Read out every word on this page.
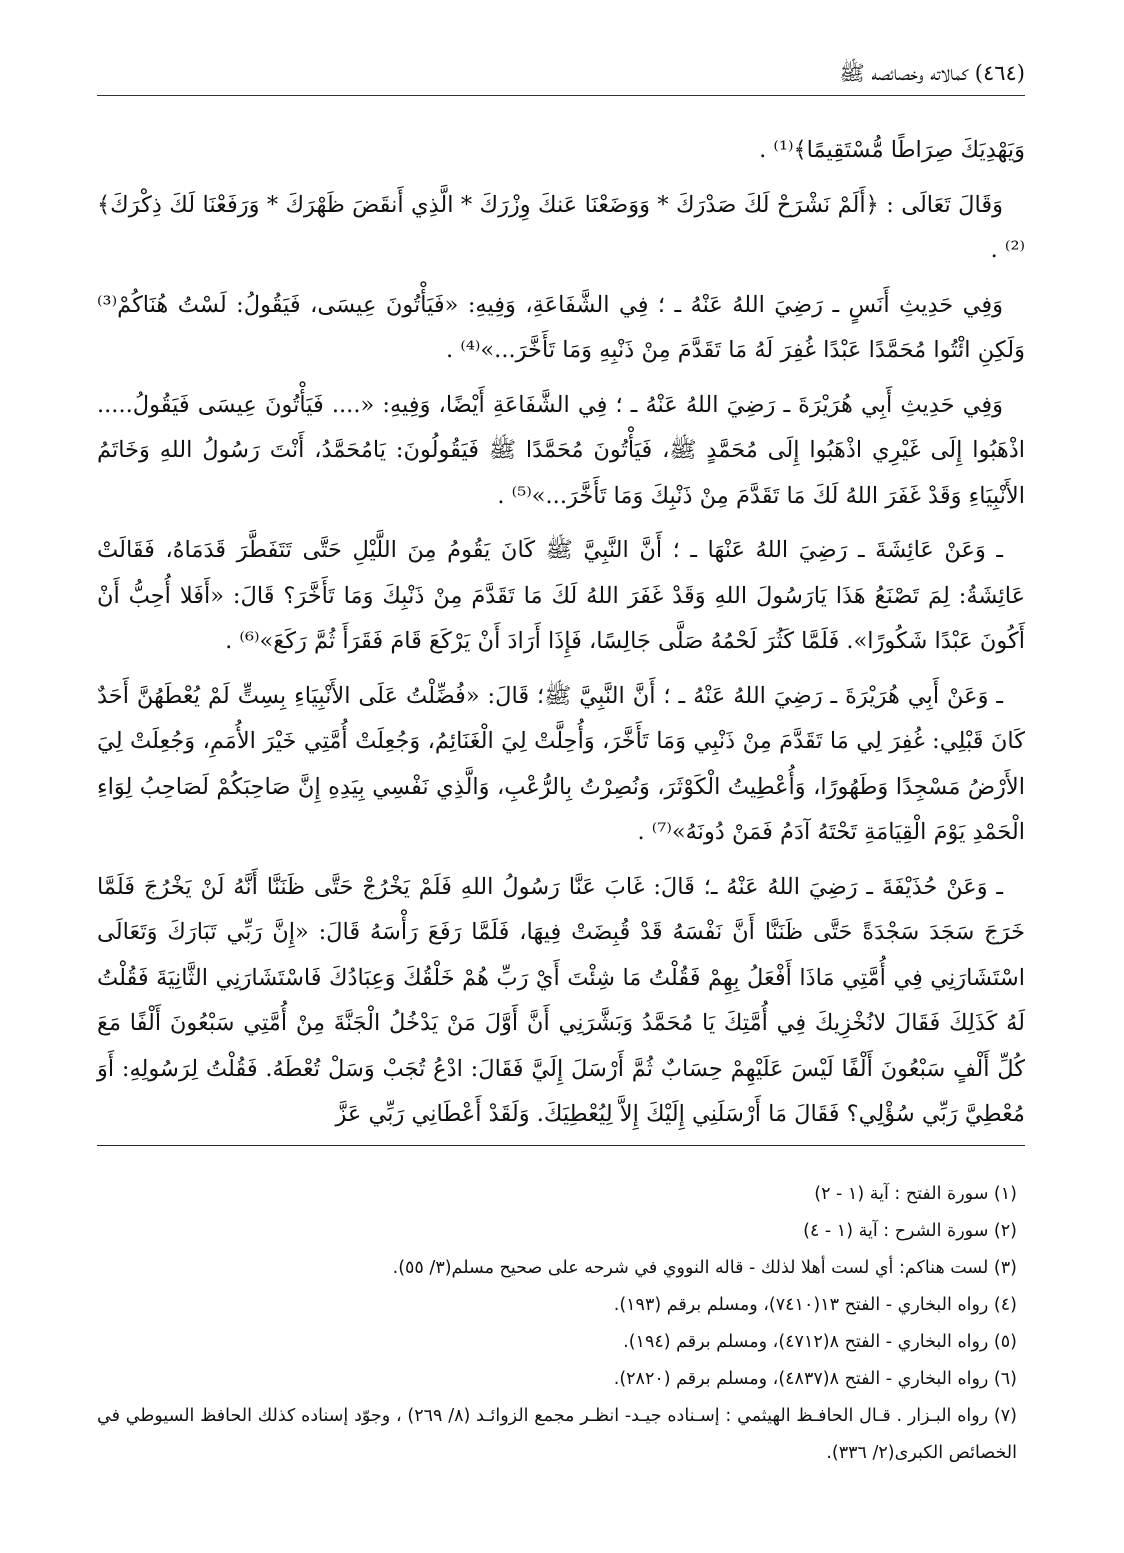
(٤٦٤) كمالاته وخصائصه ﷺ

وَيَهْدِيَكَ صِرَاطًا مُّسْتَقِيمًا﴾⁽¹⁾ .

وَقَالَ تَعَالَى : ﴿أَلَمْ نَشْرَحْ لَكَ صَدْرَكَ * وَوَضَعْنَا عَنكَ وِزْرَكَ * الَّذِي أَنقَضَ ظَهْرَكَ * وَرَفَعْنَا لَكَ ذِكْرَكَ﴾⁽²⁾ .

وَفِي حَدِيثِ أَنَسٍ ـ رَضِيَ اللهُ عَنْهُ ـ ؛ فِي الشَّفَاعَةِ، وَفِيهِ: «فَيَأْتُونَ عِيسَى، فَيَقُولُ: لَسْتُ هُنَاكُمْ⁽³⁾ وَلَكِنِ ائْتُوا مُحَمَّدًا عَبْدًا غُفِرَ لَهُ مَا تَقَدَّمَ مِنْ ذَنْبِهِ وَمَا تَأَخَّرَ...»⁽⁴⁾ .

وَفِي حَدِيثِ أَبِي هُرَيْرَةَ ـ رَضِيَ اللهُ عَنْهُ ـ ؛ فِي الشَّفَاعَةِ أَيْضًا، وَفِيهِ: «.... فَيَأْتُونَ عِيسَى فَيَقُولُ..... اذْهَبُوا إِلَى غَيْرِي اذْهَبُوا إِلَى مُحَمَّدٍ ﷺ، فَيَأْتُونَ مُحَمَّدًا ﷺ فَيَقُولُونَ: يَامُحَمَّدُ، أَنْتَ رَسُولُ اللهِ وَخَاتَمُ الأَنْبِيَاءِ وَقَدْ غَفَرَ اللهُ لَكَ مَا تَقَدَّمَ مِنْ ذَنْبِكَ وَمَا تَأَخَّرَ...»⁽⁵⁾ .

ـ وَعَنْ عَائِشَةَ ـ رَضِيَ اللهُ عَنْهَا ـ ؛ أَنَّ النَّبِيَّ ﷺ كَانَ يَقُومُ مِنَ اللَّيْلِ حَتَّى تَتَفَطَّرَ قَدَمَاهُ، فَقَالَتْ عَائِشَةُ: لِمَ تَصْنَعُ هَذَا يَارَسُولَ اللهِ وَقَدْ غَفَرَ اللهُ لَكَ مَا تَقَدَّمَ مِنْ ذَنْبِكَ وَمَا تَأَخَّرَ؟ قَالَ: «أَفَلا أُحِبُّ أَنْ أَكُونَ عَبْدًا شَكُورًا». فَلَمَّا كَثُرَ لَحْمُهُ صَلَّى جَالِسًا، فَإِذَا أَرَادَ أَنْ يَرْكَعَ قَامَ فَقَرَأَ ثُمَّ رَكَعَ»⁽⁶⁾ .

ـ وَعَنْ أَبِي هُرَيْرَةَ ـ رَضِيَ اللهُ عَنْهُ ـ ؛ أَنَّ النَّبِيَّ ﷺ؛ قَالَ: «فُضِّلْتُ عَلَى الأَنْبِيَاءِ بِسِتٍّ لَمْ يُعْطَهُنَّ أَحَدٌ كَانَ قَبْلِي: غُفِرَ لِي مَا تَقَدَّمَ مِنْ ذَنْبِي وَمَا تَأَخَّرَ، وَأُحِلَّتْ لِيَ الْغَنَائِمُ، وَجُعِلَتْ أُمَّتِي خَيْرَ الأُمَمِ، وَجُعِلَتْ لِيَ الأَرْضُ مَسْجِدًا وَطَهُورًا، وَأُعْطِيتُ الْكَوْثَرَ، وَنُصِرْتُ بِالرُّعْبِ، وَالَّذِي نَفْسِي بِيَدِهِ إِنَّ صَاحِبَكُمْ لَصَاحِبُ لِوَاءِ الْحَمْدِ يَوْمَ الْقِيَامَةِ تَحْتَهُ آدَمُ فَمَنْ دُونَهُ»⁽⁷⁾ .

ـ وَعَنْ حُذَيْفَةَ ـ رَضِيَ اللهُ عَنْهُ ـ؛ قَالَ: غَابَ عَنَّا رَسُولُ اللهِ فَلَمْ يَخْرُجْ حَتَّى ظَنَنَّا أَنَّهُ لَنْ يَخْرُجَ فَلَمَّا خَرَجَ سَجَدَ سَجْدَةً حَتَّى ظَنَنَّا أَنَّ نَفْسَهُ قَدْ قُبِضَتْ فِيهَا، فَلَمَّا رَفَعَ رَأْسَهُ قَالَ: «إِنَّ رَبِّي تَبَارَكَ وَتَعَالَى اسْتَشَارَنِي فِي أُمَّتِي مَاذَا أَفْعَلُ بِهِمْ فَقُلْتُ مَا شِئْتَ أَيْ رَبِّ هُمْ خَلْقُكَ وَعِبَادُكَ فَاسْتَشَارَنِي الثَّانِيَةَ فَقُلْتُ لَهُ كَذَلِكَ فَقَالَ لانُخْزِيكَ فِي أُمَّتِكَ يَا مُحَمَّدُ وَبَشَّرَنِي أَنَّ أَوَّلَ مَنْ يَدْخُلُ الْجَنَّةَ مِنْ أُمَّتِي سَبْعُونَ أَلْفًا مَعَ كُلِّ أَلْفٍ سَبْعُونَ أَلْفًا لَيْسَ عَلَيْهِمْ حِسَابٌ ثُمَّ أَرْسَلَ إِلَيَّ فَقَالَ: ادْعُ تُجَبْ وَسَلْ تُعْطَهُ. فَقُلْتُ لِرَسُولِهِ: أَوَ مُعْطِيَّ رَبِّي سُؤْلِي؟ فَقَالَ مَا أَرْسَلَنِي إِلَيْكَ إِلاَّ لِيُعْطِيَكَ. وَلَقَدْ أَعْطَانِي رَبِّي عَزَّ

(١) سورة الفتح : آية (١ - ٢)

(٢) سورة الشرح : آية (١ - ٤)

(٣) لست هناكم: أي لست أهلا لذلك - قاله النووي في شرحه على صحيح مسلم(٣/ ٥٥).

(٤) رواه البخاري - الفتح ١٣(٧٤١٠)، ومسلم برقم (١٩٣).

(٥) رواه البخاري - الفتح ٨(٤٧١٢)، ومسلم برقم (١٩٤).

(٦) رواه البخاري - الفتح ٨(٤٨٣٧)، ومسلم برقم (٢٨٢٠).

(٧) رواه البـزار . قـال الحافـظ الهيثمي : إسـناده جيـد- انظـر مجمع الزوائـد (٨/ ٢٦٩) ، وجوّد إسناده كذلك الحافظ السيوطي في الخصائص الكبرى(٢/ ٣٣٦).
